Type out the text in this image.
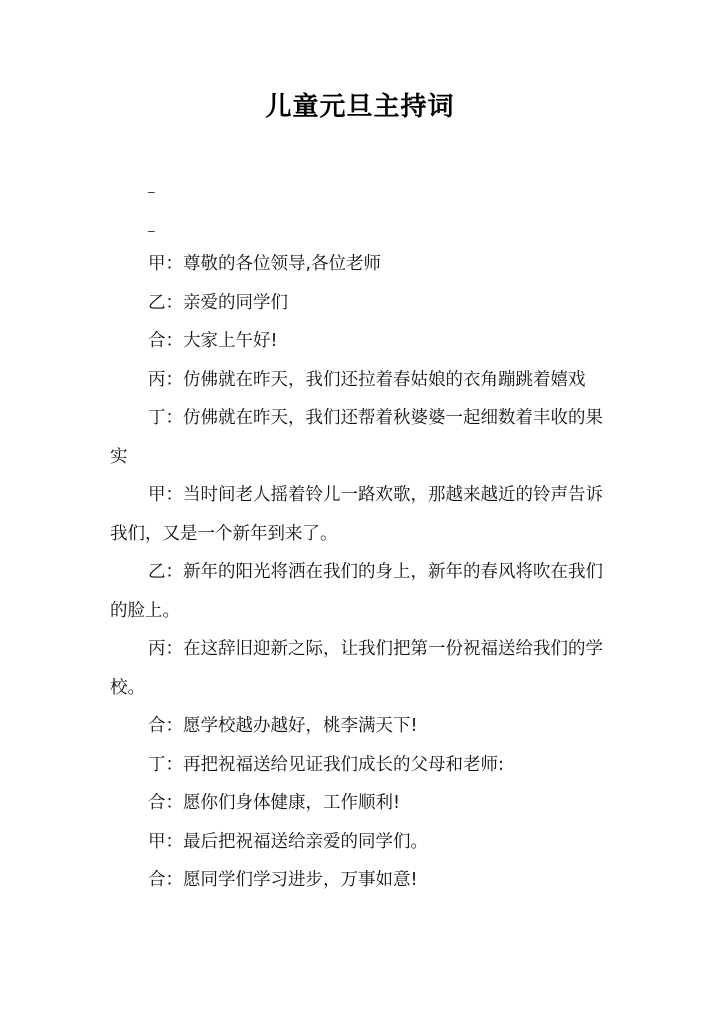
儿童元旦主持词
_
_

甲：尊敬的各位领导,各位老师

乙：亲爱的同学们

合：大家上午好!

丙：仿佛就在昨天，我们还拉着春姑娘的衣角蹦跳着嬉戏

丁：仿佛就在昨天，我们还帮着秋婆婆一起细数着丰收的果实

甲：当时间老人摇着铃儿一路欢歌，那越来越近的铃声告诉我们，又是一个新年到来了。

乙：新年的阳光将洒在我们的身上，新年的春风将吹在我们的脸上。

丙：在这辞旧迎新之际，让我们把第一份祝福送给我们的学校。

合：愿学校越办越好，桃李满天下!

丁：再把祝福送给见证我们成长的父母和老师:

合：愿你们身体健康，工作顺利!

甲：最后把祝福送给亲爱的同学们。

合：愿同学们学习进步，万事如意!
